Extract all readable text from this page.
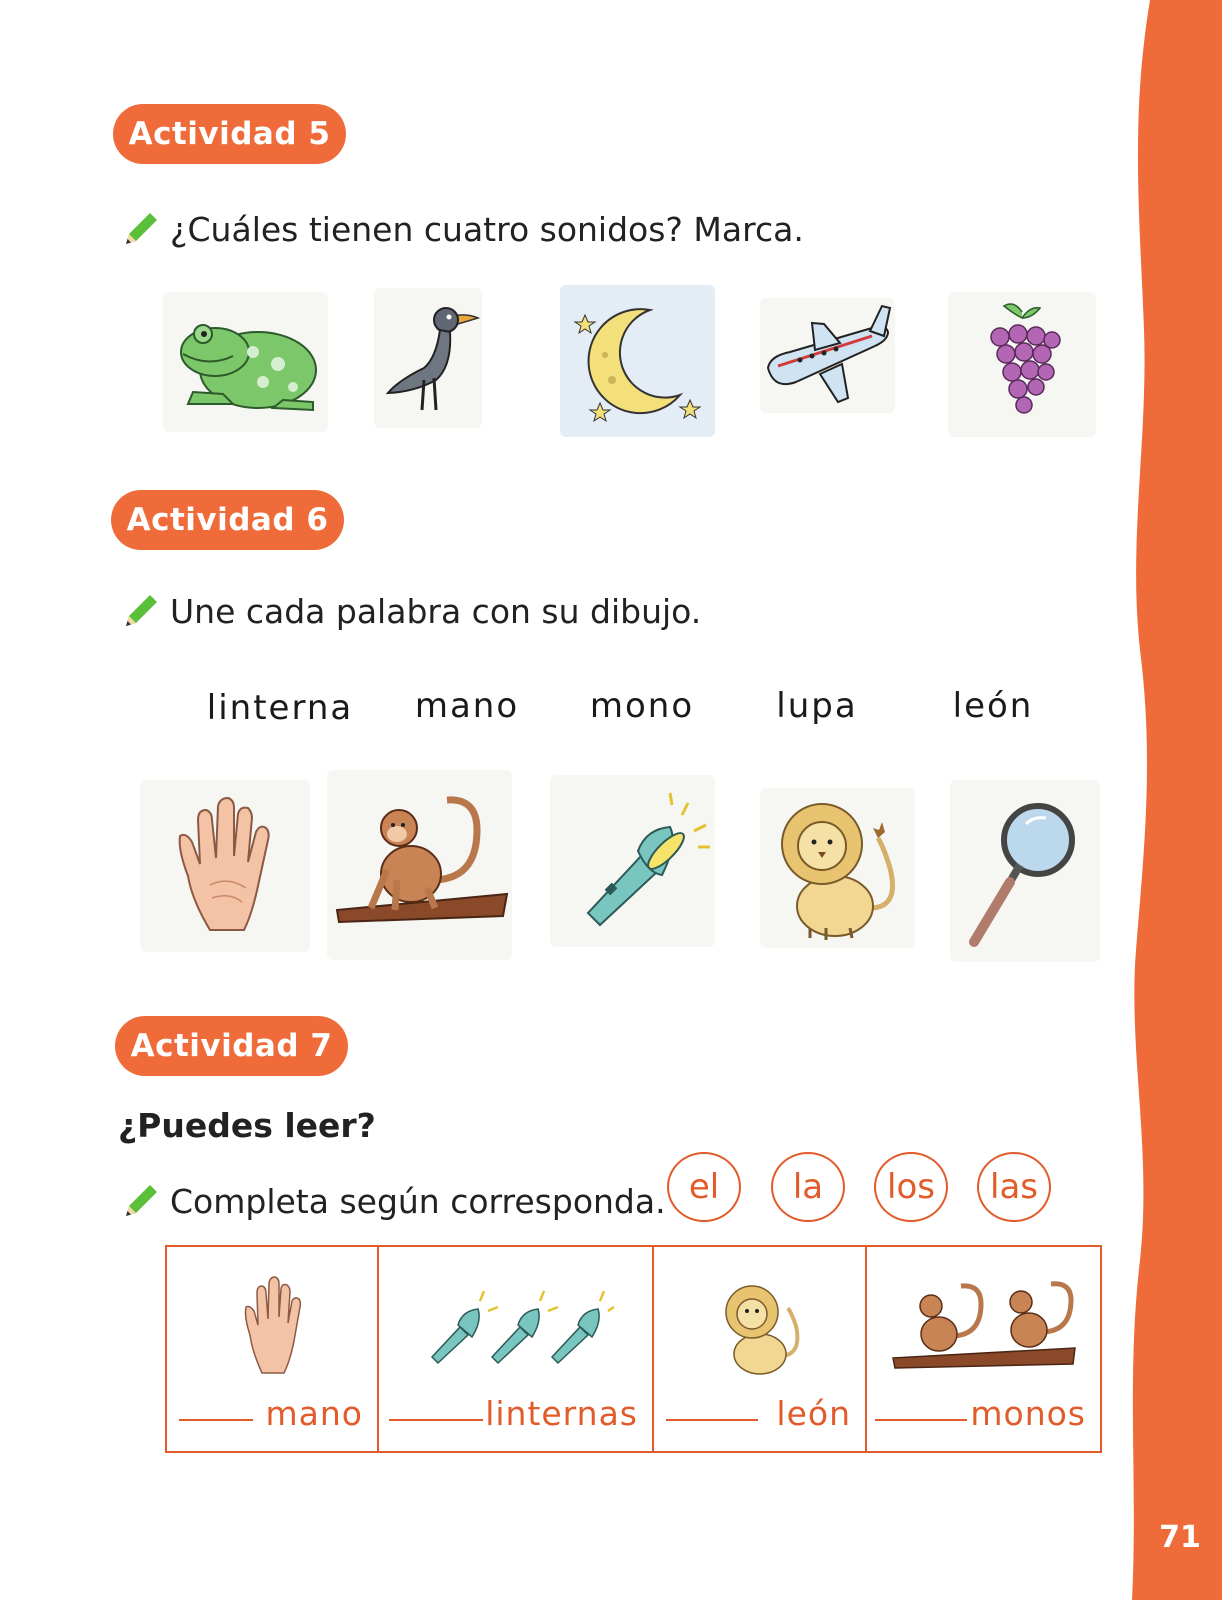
71
Actividad 5
¿Cuáles tienen cuatro sonidos? Marca.
Actividad 6
Une cada palabra con su dibujo.
linterna	mano	mono	lupa	león
Actividad 7
¿Puedes leer?
Completa según corresponda. el	la	los	las
mano	linternas	león	monos
